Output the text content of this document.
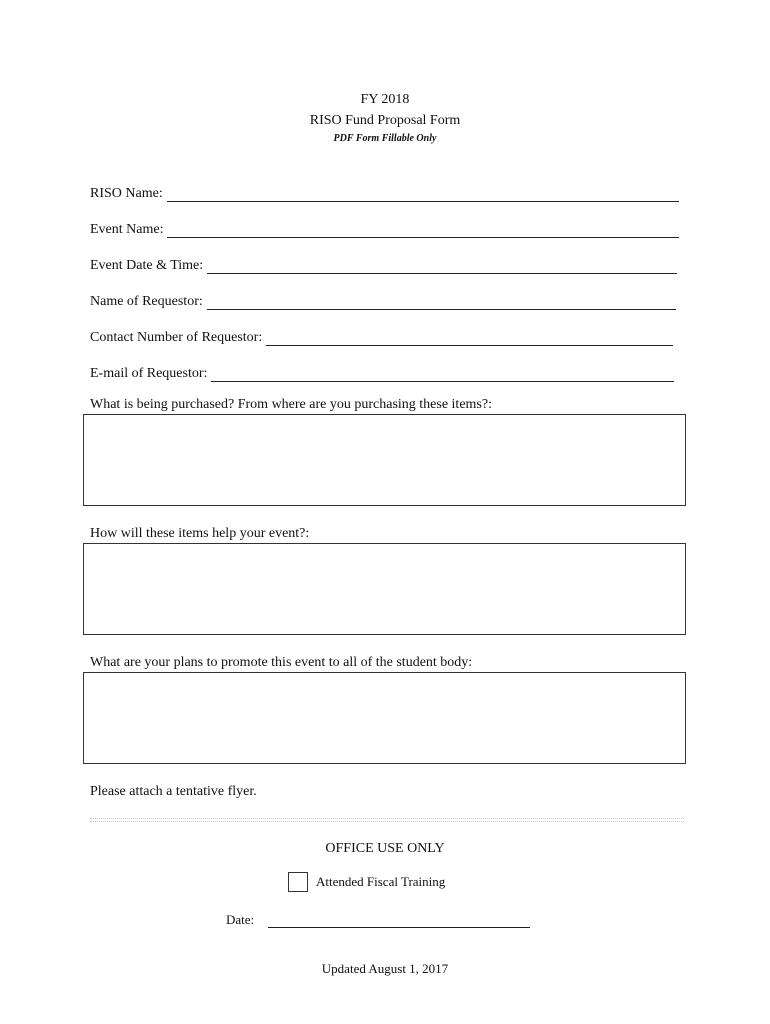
FY 2018
RISO Fund Proposal Form
PDF Form Fillable Only
RISO Name:
Event Name:
Event Date & Time:
Name of Requestor:
Contact Number of Requestor:
E-mail of Requestor:
What is being purchased? From where are you purchasing these items?:
How will these items help your event?:
What are your plans to promote this event to all of the student body:
Please attach a tentative flyer.
OFFICE USE ONLY
Attended Fiscal Training
Date:
Updated August 1, 2017
